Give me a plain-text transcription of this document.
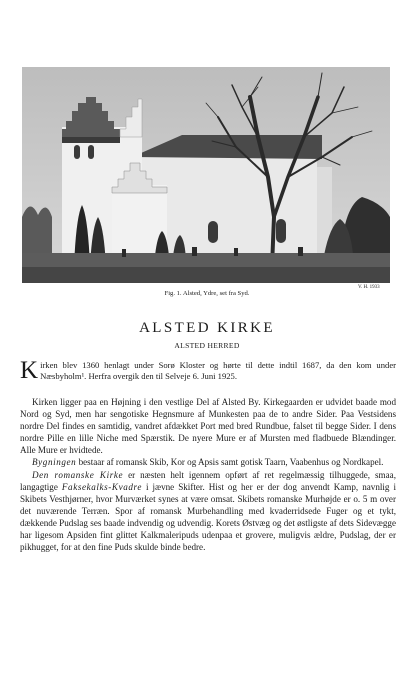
Fig. 1. Alsted, Ydre, set fra Syd.
V. H. 1933
ALSTED KIRKE
ALSTED HERRED
Kirken blev 1360 henlagt under Sorø Kloster og hørte til dette indtil 1687, da den kom under Næsbyholm¹. Herfra overgik den til Selveje 6. Juni 1925.

Kirken ligger paa en Højning i den vestlige Del af Alsted By. Kirkegaarden er udvidet baade mod Nord og Syd, men har sengotiske Hegnsmure af Munkesten paa de to andre Sider. Paa Vestsidens nordre Del findes en samtidig, vandret afdækket Port med bred Rundbue, falset til begge Sider. I dens nordre Pille en lille Niche med Spærstik. De nyere Mure er af Mursten med fladbuede Blændinger. Alle Mure er hvidtede.

Bygningen bestaar af romansk Skib, Kor og Apsis samt gotisk Taarn, Vaabenhus og Nordkapel.

Den romanske Kirke er næsten helt igennem opført af ret regelmæssig tilhuggede, smaa, langagtige Faksekalks-Kvadre i jævne Skifter. Hist og her er der dog anvendt Kamp, navnlig i Skibets Vesthjørner, hvor Murværket synes at være omsat. Skibets romanske Murhøjde er o. 5 m over det nuværende Terræn. Spor af romansk Murbehandling med kvaderridsede Fuger og et tykt, dækkende Pudslag ses baade indvendig og udvendig. Korets Østvæg og det østligste af dets Sidevægge har ligesom Apsiden fint glittet Kalkmaleripuds udenpaa et grovere, muligvis ældre, Pudslag, der er pikhugget, for at den fine Puds skulde binde bedre.
